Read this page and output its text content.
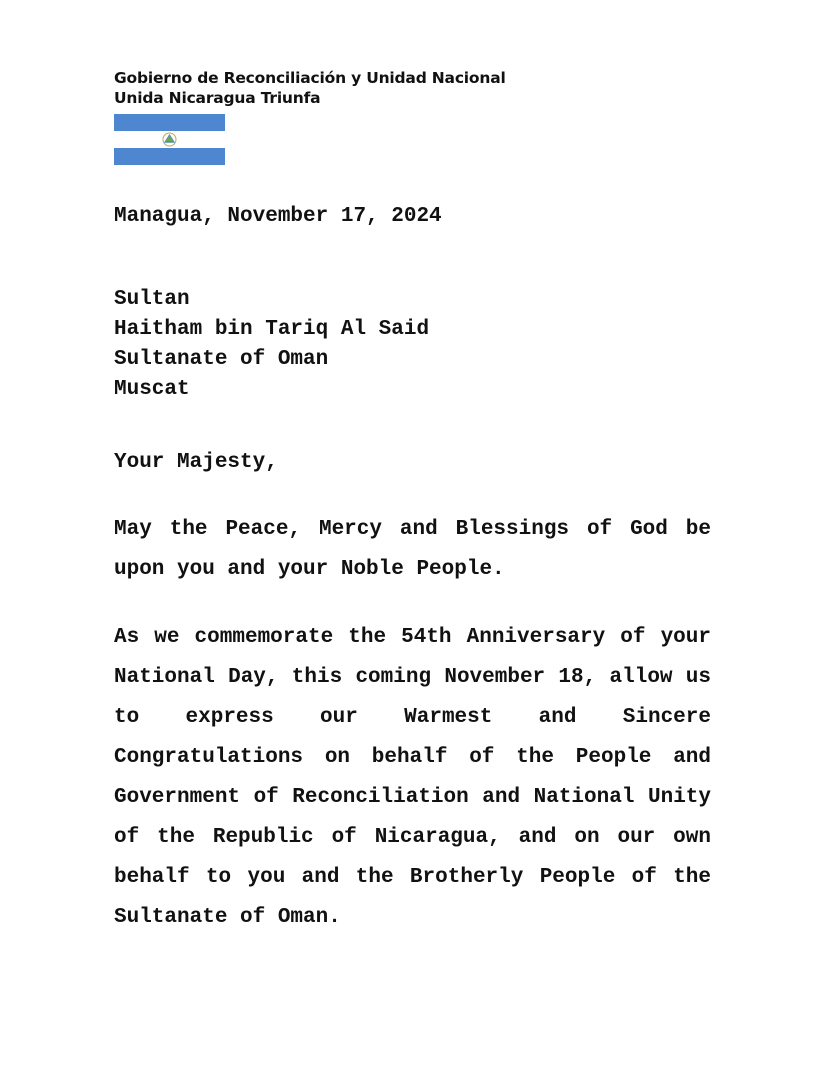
Gobierno de Reconciliación y Unidad Nacional
Unida Nicaragua Triunfa
Managua, November 17, 2024
Sultan
Haitham bin Tariq Al Said
Sultanate of Oman
Muscat
Your Majesty,
May the Peace, Mercy and Blessings of God be upon you and your Noble People.
As we commemorate the 54th Anniversary of your National Day, this coming November 18, allow us to express our Warmest and Sincere Congratulations on behalf of the People and Government of Reconciliation and National Unity of the Republic of Nicaragua, and on our own behalf to you and the Brotherly People of the Sultanate of Oman.
